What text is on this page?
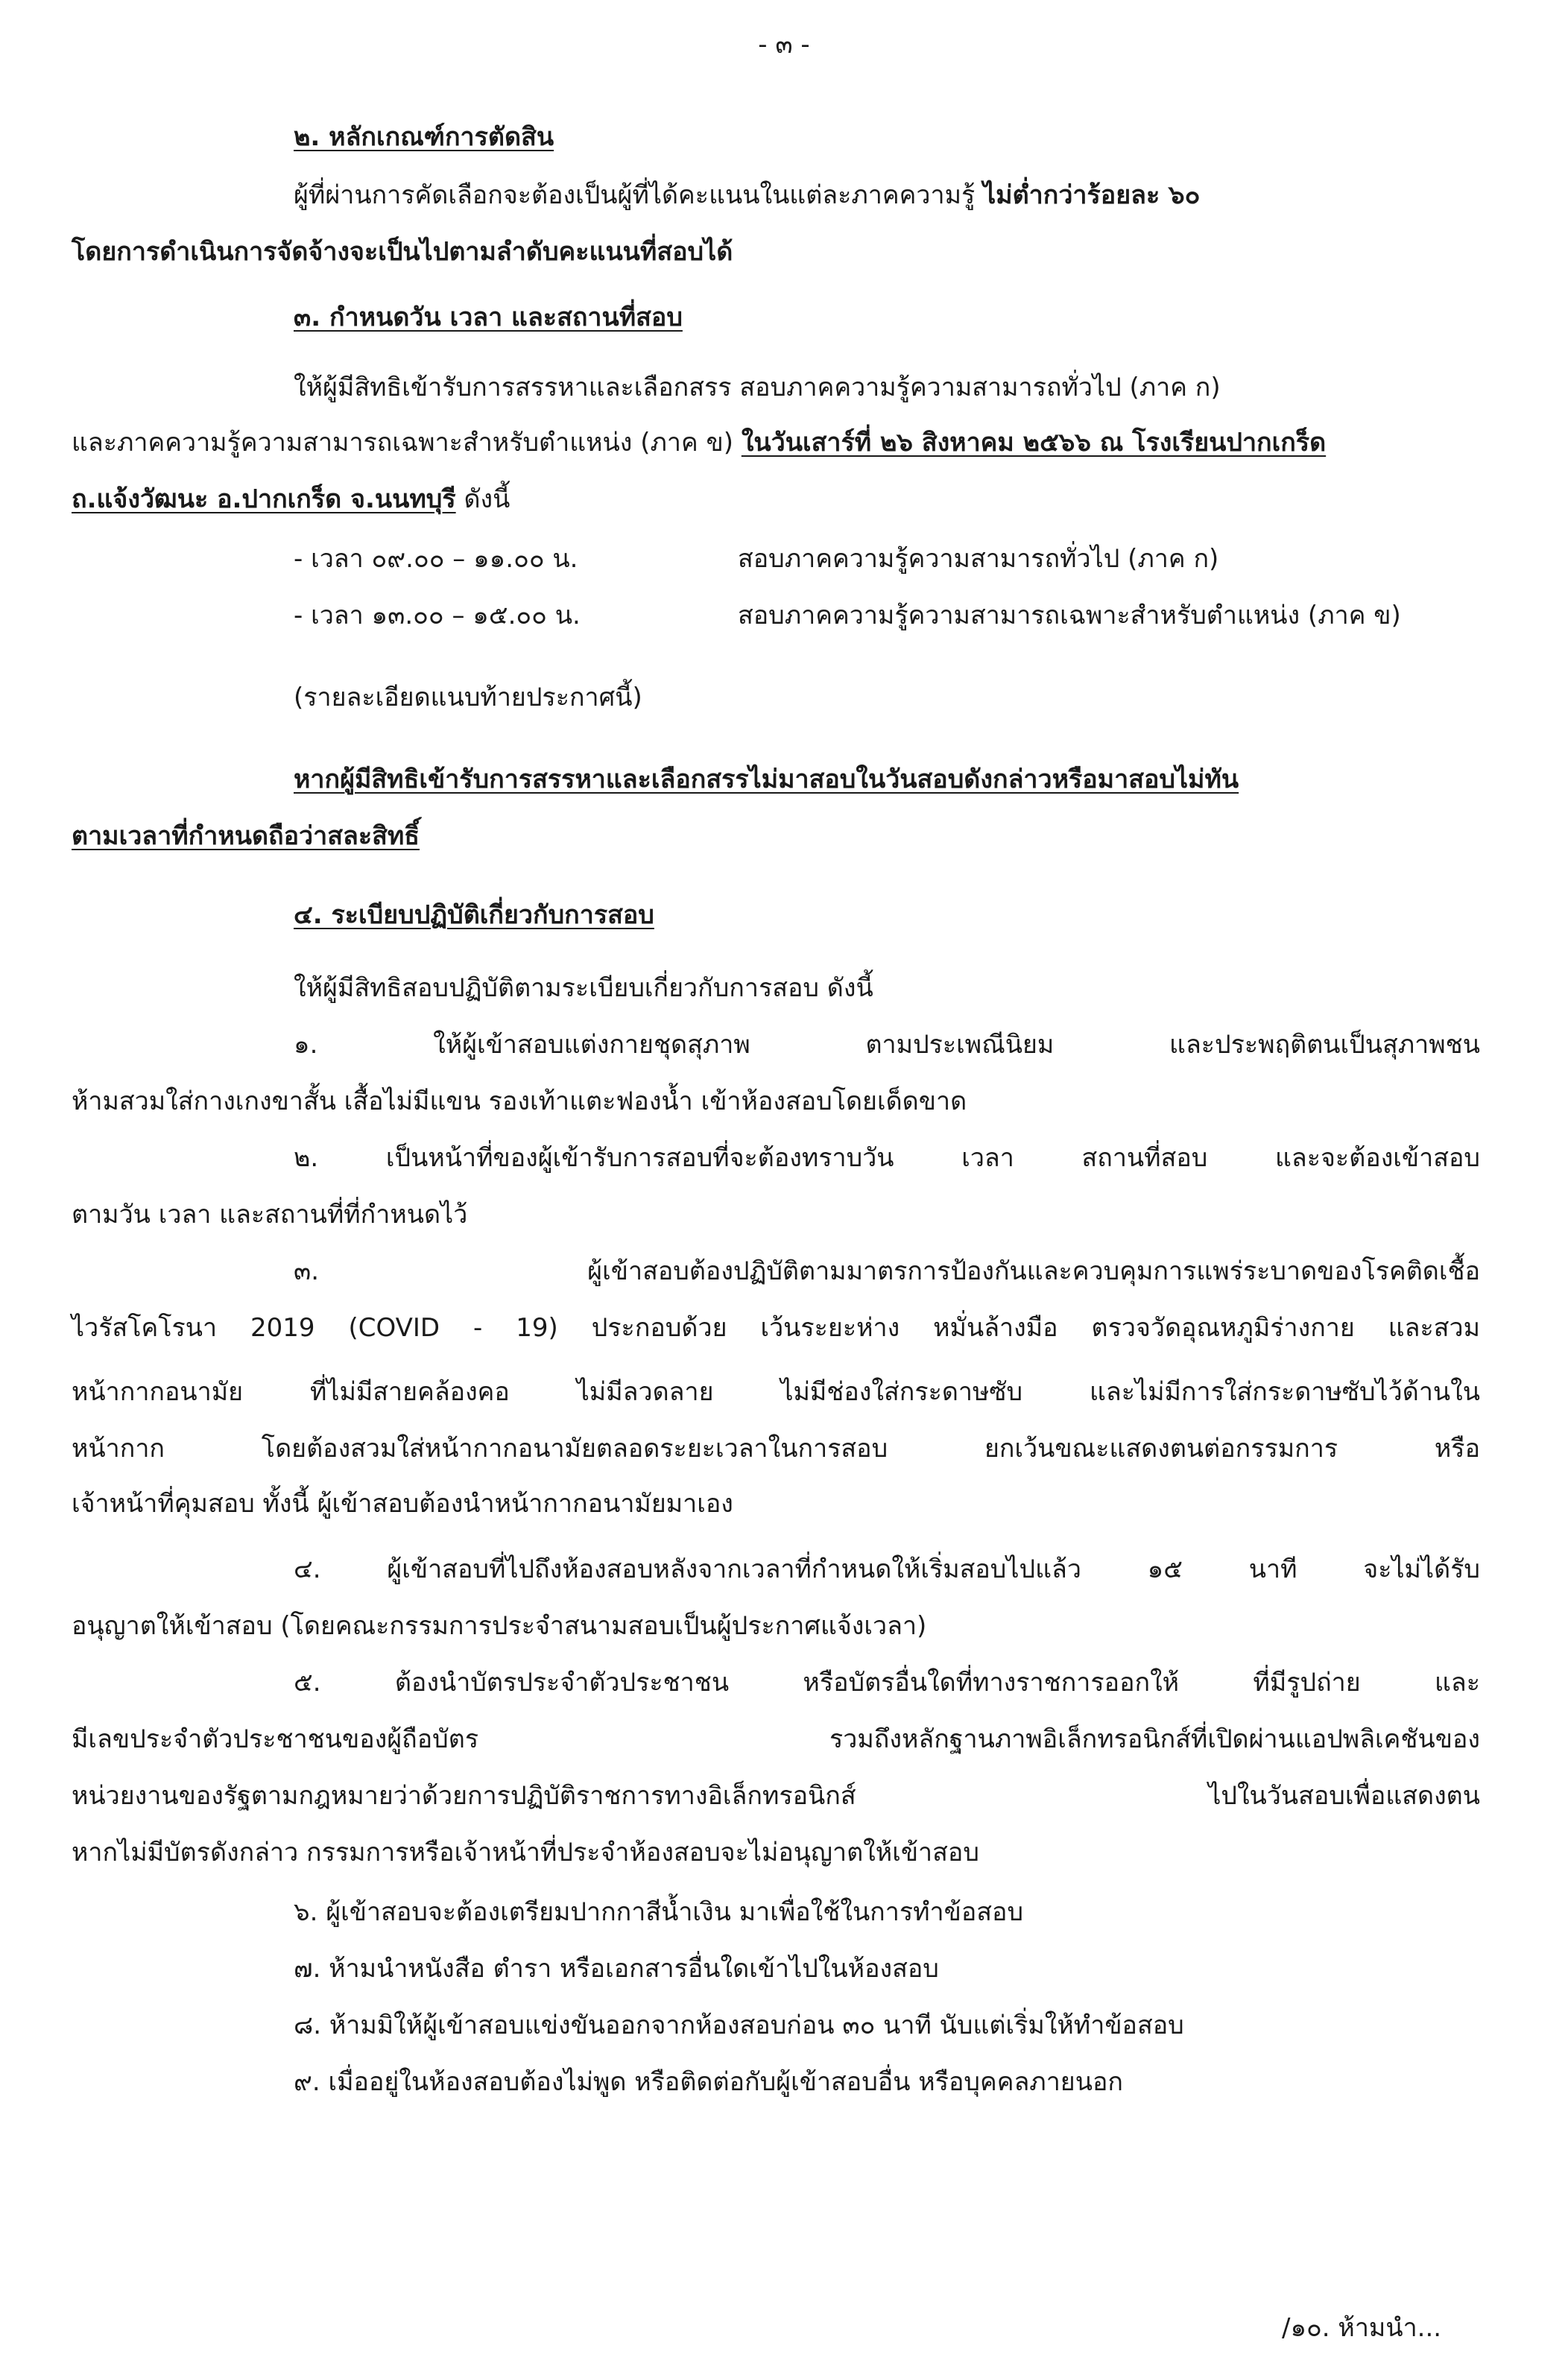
- ๓ -
๒. หลักเกณฑ์การตัดสิน
ผู้ที่ผ่านการคัดเลือกจะต้องเป็นผู้ที่ได้คะแนนในแต่ละภาคความรู้ ไม่ต่ำกว่าร้อยละ ๖๐
โดยการดำเนินการจัดจ้างจะเป็นไปตามลำดับคะแนนที่สอบได้
๓. กำหนดวัน เวลา และสถานที่สอบ
ให้ผู้มีสิทธิเข้ารับการสรรหาและเลือกสรร สอบภาคความรู้ความสามารถทั่วไป (ภาค ก)
และภาคความรู้ความสามารถเฉพาะสำหรับตำแหน่ง (ภาค ข) ในวันเสาร์ที่ ๒๖ สิงหาคม ๒๕๖๖ ณ โรงเรียนปากเกร็ด
ถ.แจ้งวัฒนะ อ.ปากเกร็ด จ.นนทบุรี ดังนี้
- เวลา ๐๙.๐๐ – ๑๑.๐๐ น.	สอบภาคความรู้ความสามารถทั่วไป (ภาค ก)
- เวลา ๑๓.๐๐ – ๑๕.๐๐ น.	สอบภาคความรู้ความสามารถเฉพาะสำหรับตำแหน่ง (ภาค ข)
(รายละเอียดแนบท้ายประกาศนี้)
หากผู้มีสิทธิเข้ารับการสรรหาและเลือกสรรไม่มาสอบในวันสอบดังกล่าวหรือมาสอบไม่ทัน
ตามเวลาที่กำหนดถือว่าสละสิทธิ์
๔. ระเบียบปฏิบัติเกี่ยวกับการสอบ
ให้ผู้มีสิทธิสอบปฏิบัติตามระเบียบเกี่ยวกับการสอบ ดังนี้
๑. ให้ผู้เข้าสอบแต่งกายชุดสุภาพ ตามประเพณีนิยม และประพฤติตนเป็นสุภาพชน
ห้ามสวมใส่กางเกงขาสั้น เสื้อไม่มีแขน รองเท้าแตะฟองน้ำ เข้าห้องสอบโดยเด็ดขาด
๒. เป็นหน้าที่ของผู้เข้ารับการสอบที่จะต้องทราบวัน เวลา สถานที่สอบ และจะต้องเข้าสอบ
ตามวัน เวลา และสถานที่ที่กำหนดไว้
๓. ผู้เข้าสอบต้องปฏิบัติตามมาตรการป้องกันและควบคุมการแพร่ระบาดของโรคติดเชื้อ
ไวรัสโคโรนา 2019 (COVID - 19) ประกอบด้วย เว้นระยะห่าง หมั่นล้างมือ ตรวจวัดอุณหภูมิร่างกาย และสวม
หน้ากากอนามัย ที่ไม่มีสายคล้องคอ ไม่มีลวดลาย ไม่มีช่องใส่กระดาษซับ และไม่มีการใส่กระดาษซับไว้ด้านใน
หน้ากาก โดยต้องสวมใส่หน้ากากอนามัยตลอดระยะเวลาในการสอบ ยกเว้นขณะแสดงตนต่อกรรมการ หรือ
เจ้าหน้าที่คุมสอบ ทั้งนี้ ผู้เข้าสอบต้องนำหน้ากากอนามัยมาเอง
๔. ผู้เข้าสอบที่ไปถึงห้องสอบหลังจากเวลาที่กำหนดให้เริ่มสอบไปแล้ว ๑๕ นาที จะไม่ได้รับ
อนุญาตให้เข้าสอบ (โดยคณะกรรมการประจำสนามสอบเป็นผู้ประกาศแจ้งเวลา)
๕. ต้องนำบัตรประจำตัวประชาชน หรือบัตรอื่นใดที่ทางราชการออกให้ ที่มีรูปถ่าย และ
มีเลขประจำตัวประชาชนของผู้ถือบัตร รวมถึงหลักฐานภาพอิเล็กทรอนิกส์ที่เปิดผ่านแอปพลิเคชันของ
หน่วยงานของรัฐตามกฎหมายว่าด้วยการปฏิบัติราชการทางอิเล็กทรอนิกส์ ไปในวันสอบเพื่อแสดงตน
หากไม่มีบัตรดังกล่าว กรรมการหรือเจ้าหน้าที่ประจำห้องสอบจะไม่อนุญาตให้เข้าสอบ
๖. ผู้เข้าสอบจะต้องเตรียมปากกาสีน้ำเงิน มาเพื่อใช้ในการทำข้อสอบ
๗. ห้ามนำหนังสือ ตำรา หรือเอกสารอื่นใดเข้าไปในห้องสอบ
๘. ห้ามมิให้ผู้เข้าสอบแข่งขันออกจากห้องสอบก่อน ๓๐ นาที นับแต่เริ่มให้ทำข้อสอบ
๙. เมื่ออยู่ในห้องสอบต้องไม่พูด หรือติดต่อกับผู้เข้าสอบอื่น หรือบุคคลภายนอก
/๑๐. ห้ามนำ...
